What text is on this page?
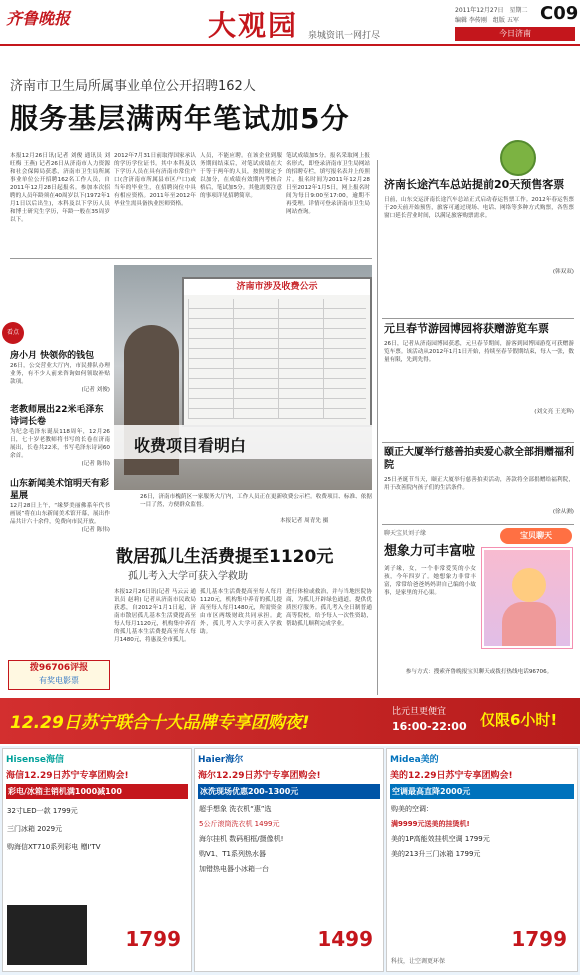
齐鲁晚报	大观园 泉城资讯一网打尽
2011年12月27日　星期二
编辑 李传刚　组版 五军 C09
今日济南
济南市卫生局所属事业单位公开招聘162人
服务基层满两年笔试加5分
本报12月26日讯(记者 刘俊 通讯员 刘旺梅 王燕) 记者26日从济南市人力资源和社会保障局获悉，济南市卫生局所属事业单位公开招聘162名工作人员，自2011年12月28日起报名。参加本次招聘的人员年龄须在40周岁以下(1972年1月1日以后出生)，本科及以下学历人员和博士研究生学历，年龄一般在35周岁以下。
2012年7月31日前取得国家承认的学历学位证书。其中本科及以下学历人员在具有济南市常住户口(含济南市所属县市区户口)或当年的毕业生，在招聘岗位中具有相应资格。2011年至2012年毕业生需具备执业医师资格。
人员，不能应聘。在该企业到服务期间结束后，对笔试成绩在大于等于两年的人员，按照规定予以加分，在成绩有效期内考核合格后，笔试加5分。其他需要注意的事项详见招聘简章。
笔试成绩加5分。报名采取网上报名形式，即登录济南市卫生局网站的招聘专栏，填写报名表并上传照片。报名时间为2011年12月28日至2012年1月5日，网上报名时间为每日9:00至17:00，逾期不再受理。详情可登录济南市卫生局网站查询。
看点
房小月 快领你的钱包
26日，公交营业大厅内，市民排队办理业务，有不少人前来咨询如何领取补贴款项。
(记者 刘俊)
老教师展出22米毛泽东诗词长卷
为纪念毛泽东诞辰118周年，12月26日，七十岁老教师将书写的长卷在济南展出，长卷共22米，书写毛泽东诗词60余首。
(记者 陈伟)
山东新闻美术馆明天有彩星展
12月28日上午，“缘梦美丽佛系年代书画展”将在山东新闻美术馆开幕，展出作品共计六十余件，免费向市民开放。
(记者 陈伟)
拨96706评报
有奖电影票
济南市涉及收费公示
收费项目看明白
26日，济南市槐荫区一家服务大厅内，工作人员正在更新收费公示栏。收费项目、标准、依据一目了然，方便群众监督。
本报记者 周青先 摄
散居孤儿生活费提至1120元
孤儿考入大学可获入学救助
本报12月26日讯(记者 马云云 通讯员 赵莉) 记者从济南市民政局获悉，自2012年1月1日起，济南市散居孤儿基本生活费提高至每人每月1120元，机构集中养育的孤儿基本生活费提高至每人每月1480元，将惠及全市孤儿。
孤儿基本生活费提高至每人每月1120元，机构集中养育的孤儿提高至每人每月1480元，所需资金由市区两级财政共同承担。此外，孤儿考入大学可获入学救助。
进行体检或救治，并与当地医院协商，为孤儿开辟绿色通道，提供优质医疗服务。孤儿考入全日制普通高等院校，给予每人一次性资助，帮助孤儿顺利完成学业。
济南长途汽车总站提前20天预售客票
日前，山东交运济南长途汽车总站正式启动春运售票工作。2012年春运售票于20天前开始预售，旅客可通过现场、电话、网络等多种方式购票，各售票窗口延长营业时间，以满足旅客购票需求。
(韩双双)
元旦春节游园博园将获赠游览车票
26日，记者从济南园博园获悉，元旦春节期间，游客到园博园游览可获赠游览车票。该活动从2012年1月1日开始，持续至春节假期结束，每人一张，数量有限，先到先得。
(刘文亮 王光辉)
颐正大厦举行慈善拍卖爱心款全部捐赠福利院
25日圣诞节当天，颐正大厦举行慈善拍卖活动，善款将全部捐赠给福利院，用于改善院内孩子们的生活条件。
(徐从测)
聊天宝贝刘子缘
想象力可丰富啦
宝贝聊天
刘子缘，女，一个非常爱笑的小女孩，今年四岁了。她想象力非常丰富，常常给爸爸妈妈讲自己编的小故事，是家里的开心果。
参与方式：搜索齐鲁晚报宝贝聊天或拨打热线电话96706。
12.29日苏宁联合十大品牌专享团购夜!
比元旦更便宜
16:00-22:00 仅限6小时!
Hisense海信
海信12.29日苏宁专享团购会!
彩电/冰箱主销机满1000减100
32寸LED一款 1799元
三门冰箱 2029元
购海信XT710系列彩电 赠I'TV
1799
Haier海尔
海尔12.29日苏宁专享团购会!
冰洗现场优惠200-1300元
超手想象 洗衣机“惠”选
5公斤滚筒洗衣机 1499元
海尔挂机 数码相框/摄像机!
购V1、T1系列热水器
加错热电器小冰箱一台
1499
Midea美的
美的12.29日苏宁专享团购会!
空调最高直降2000元
购美的空调：
满9999元送美的挂烫机!
美的1P高能效挂机空调 1799元
美的213升三门冰箱 1799元
科技，让空调更环保
1799
